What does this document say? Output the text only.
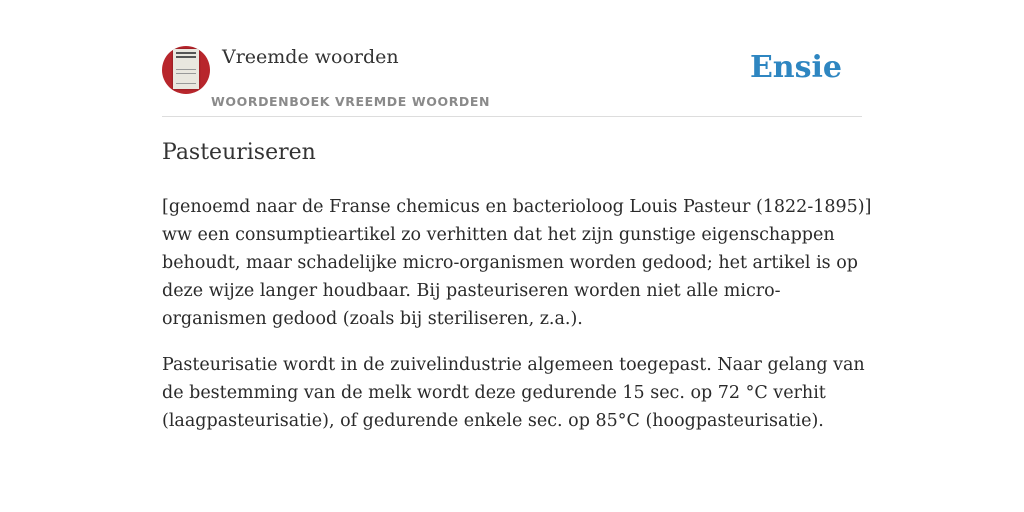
Vreemde woorden
WOORDENBOEK VREEMDE WOORDEN
Ensie
Pasteuriseren

[genoemd naar de Franse chemicus en bacterioloog Louis Pasteur (1822-1895)] ww een consumptieartikel zo verhitten dat het zijn gunstige eigenschappen behoudt, maar schadelijke micro-organismen worden gedood; het artikel is op deze wijze langer houdbaar. Bij pasteuriseren worden niet alle micro-organismen gedood (zoals bij steriliseren, z.a.).

Pasteurisatie wordt in de zuivelindustrie algemeen toegepast. Naar gelang van de bestemming van de melk wordt deze gedurende 15 sec. op 72 °C verhit (laagpasteurisatie), of gedurende enkele sec. op 85°C (hoogpasteurisatie).
